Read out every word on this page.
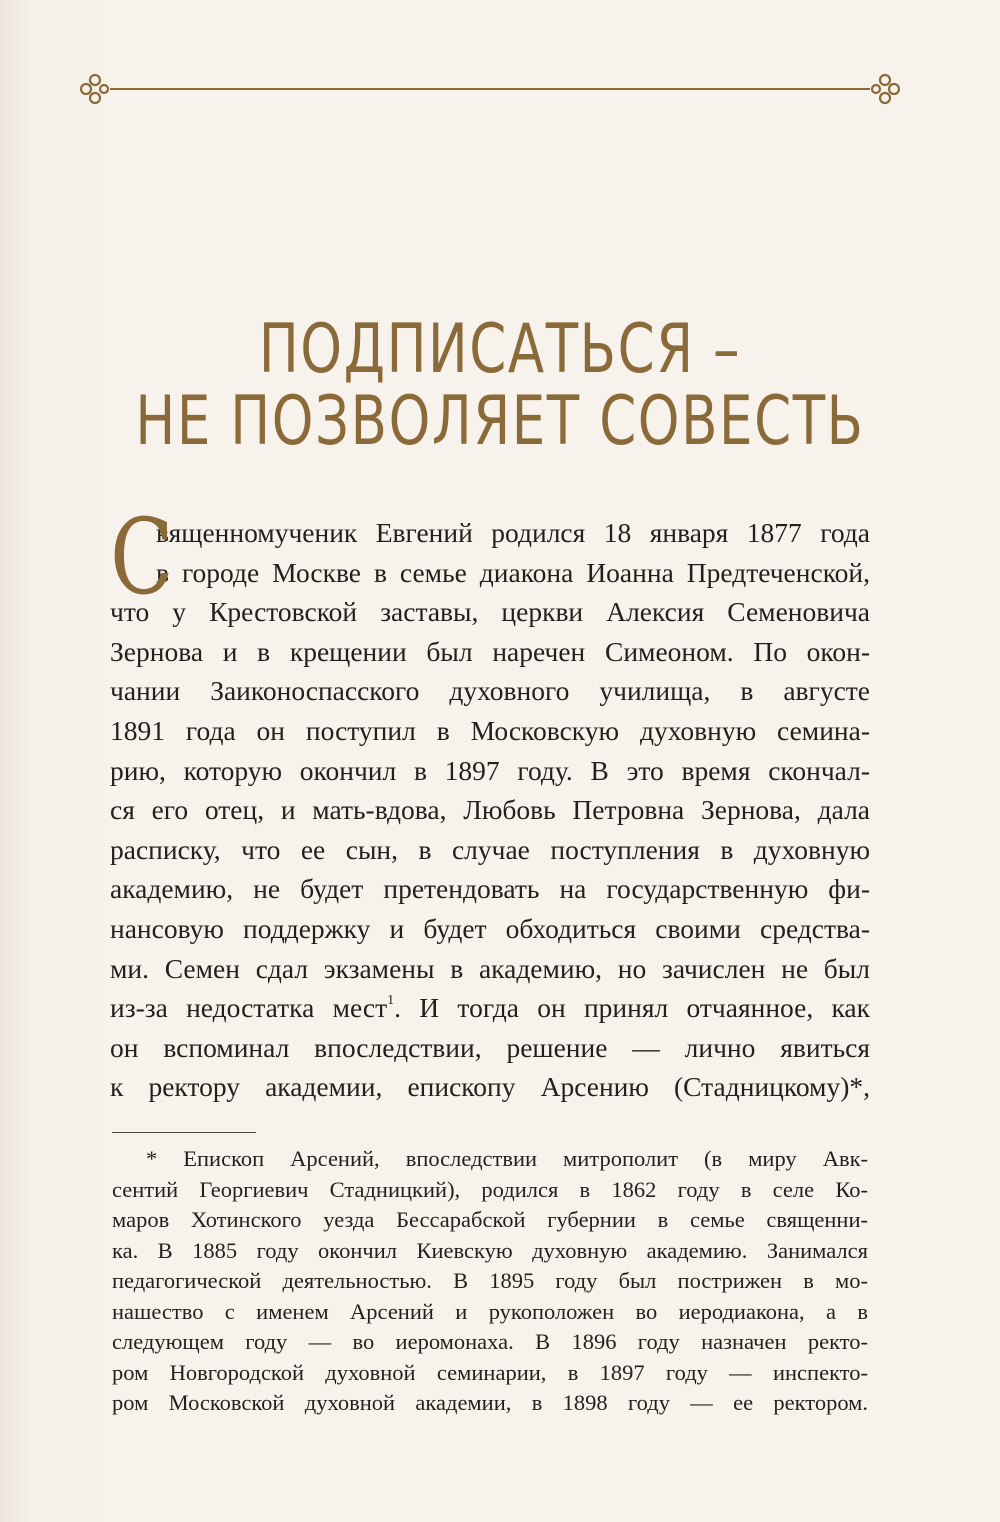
ПОДПИСАТЬСЯ –
НЕ ПОЗВОЛЯЕТ СОВЕСТЬ
С
вященномученик Евгений родился 18 января 1877 года
в городе Москве в семье диакона Иоанна Предтеченской,
что у Крестовской заставы, церкви Алексия Семеновича
Зернова и в крещении был наречен Симеоном. По окон-
чании Заиконоспасского духовного училища, в августе
1891 года он поступил в Московскую духовную семина-
рию, которую окончил в 1897 году. В это время скончал-
ся его отец, и мать-вдова, Любовь Петровна Зернова, дала
расписку, что ее сын, в случае поступления в духовную
академию, не будет претендовать на государственную фи-
нансовую поддержку и будет обходиться своими средства-
ми. Семен сдал экзамены в академию, но зачислен не был
из-за недостатка мест$^1$. И тогда он принял отчаянное, как
он вспоминал впоследствии, решение — лично явиться
к ректору академии, епископу Арсению (Стадницкому)*,
* Епископ Арсений, впоследствии митрополит (в миру Авк-
сентий Георгиевич Стадницкий), родился в 1862 году в селе Ко-
маров Хотинского уезда Бессарабской губернии в семье священни-
ка. В 1885 году окончил Киевскую духовную академию. Занимался
педагогической деятельностью. В 1895 году был пострижен в мо-
нашество с именем Арсений и рукоположен во иеродиакона, а в
следующем году — во иеромонаха. В 1896 году назначен ректо-
ром Новгородской духовной семинарии, в 1897 году — инспекто-
ром Московской духовной академии, в 1898 году — ее ректором.
